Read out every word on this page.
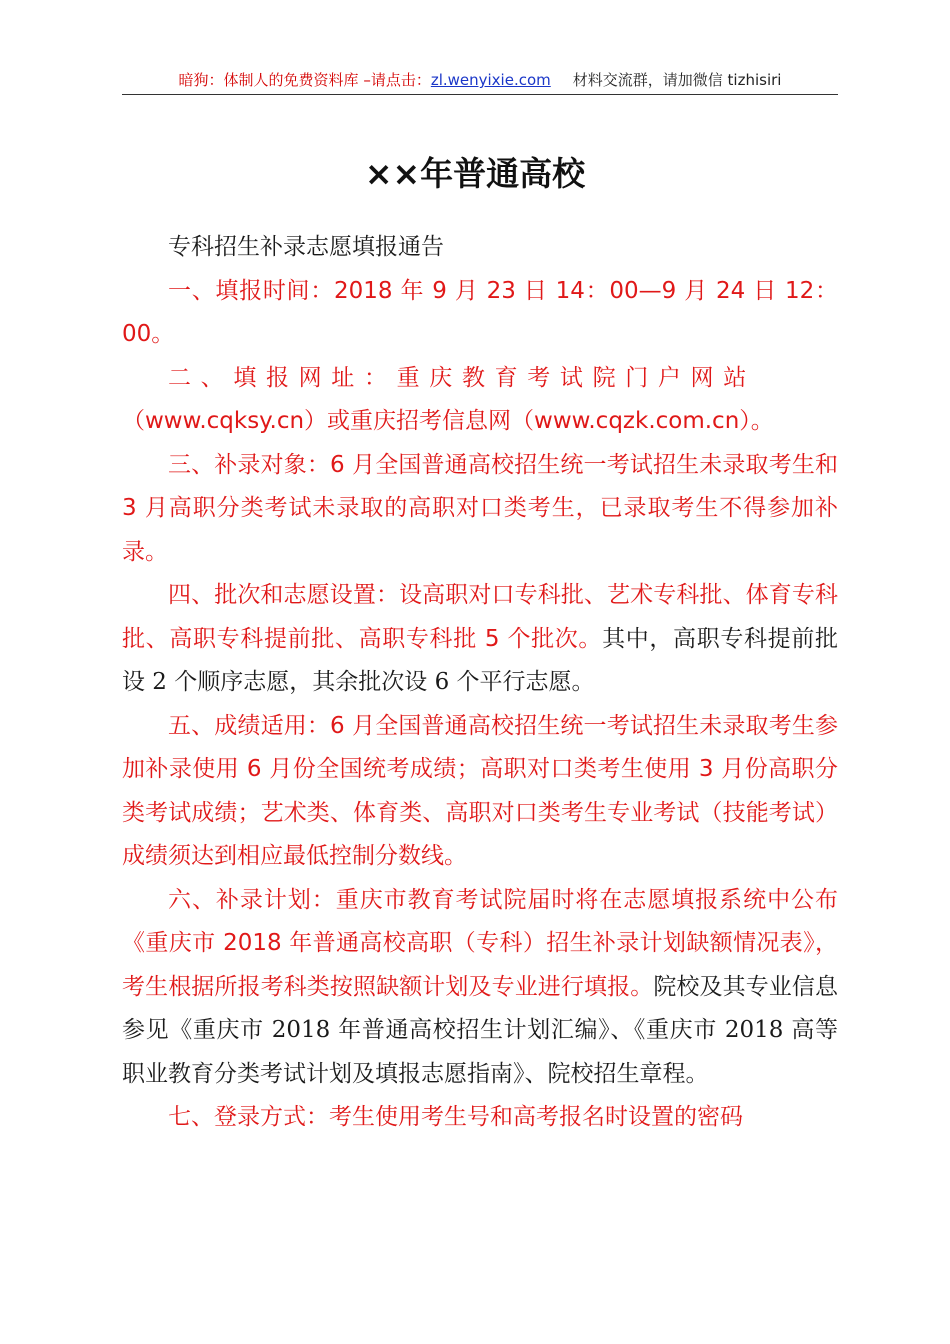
暗狗：体制人的免费资料库 –请点击：zl.wenyixie.com 材料交流群，请加微信 tizhisiri
××年普通高校

专科招生补录志愿填报通告

一、填报时间：2018 年 9 月 23 日 14：00—9 月 24 日 12：00。

二、填报网址：重庆教育考试院门户网站

（www.cqksy.cn）或重庆招考信息网（www.cqzk.com.cn）。

三、补录对象：6 月全国普通高校招生统一考试招生未录取考生和 3 月高职分类考试未录取的高职对口类考生，已录取考生不得参加补录。

四、批次和志愿设置：设高职对口专科批、艺术专科批、体育专科批、高职专科提前批、高职专科批 5 个批次。其中，高职专科提前批设 2 个顺序志愿，其余批次设 6 个平行志愿。

五、成绩适用：6 月全国普通高校招生统一考试招生未录取考生参加补录使用 6 月份全国统考成绩；高职对口类考生使用 3 月份高职分类考试成绩；艺术类、体育类、高职对口类考生专业考试（技能考试）成绩须达到相应最低控制分数线。

六、补录计划：重庆市教育考试院届时将在志愿填报系统中公布《重庆市 2018 年普通高校高职（专科）招生补录计划缺额情况表》，考生根据所报考科类按照缺额计划及专业进行填报。院校及其专业信息参见《重庆市 2018 年普通高校招生计划汇编》、《重庆市 2018 高等职业教育分类考试计划及填报志愿指南》、院校招生章程。

七、登录方式：考生使用考生号和高考报名时设置的密码
